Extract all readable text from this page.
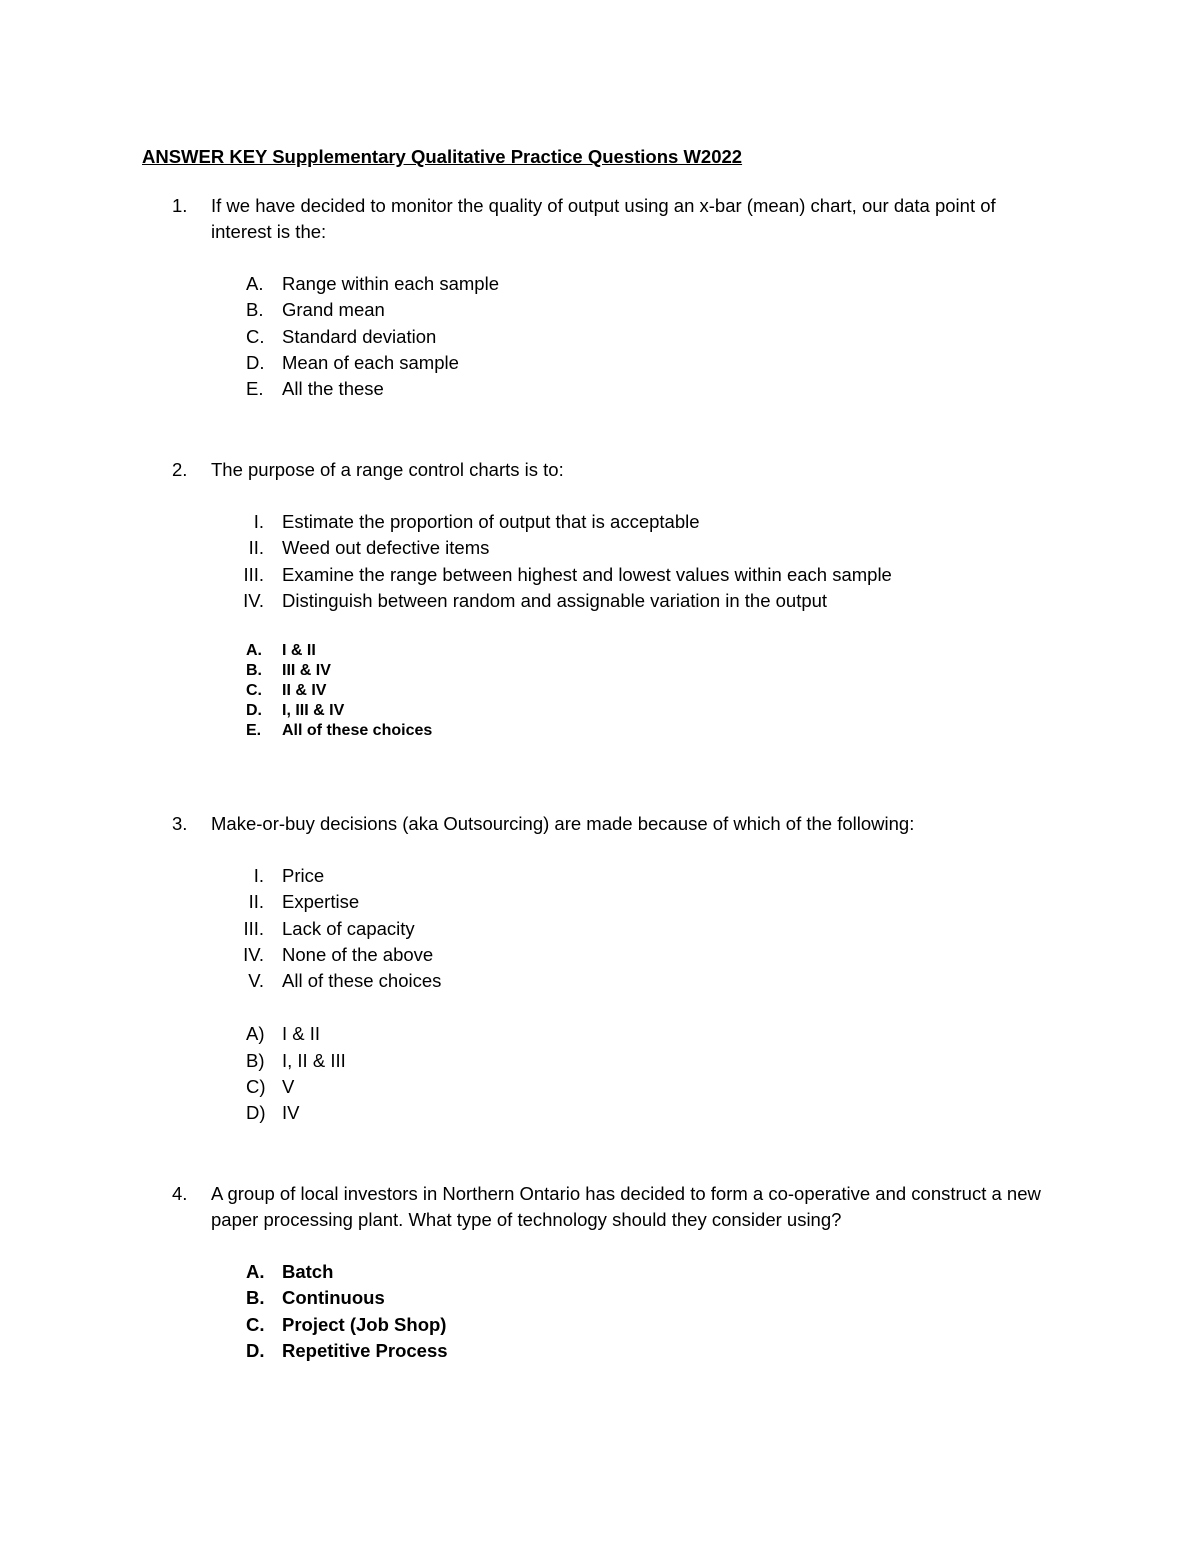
ANSWER KEY Supplementary Qualitative Practice Questions W2022
1. If we have decided to monitor the quality of output using an x-bar (mean) chart, our data point of interest is the:
A. Range within each sample
B. Grand mean
C. Standard deviation
D. Mean of each sample
E. All the these
2. The purpose of a range control charts is to:
I. Estimate the proportion of output that is acceptable
II. Weed out defective items
III. Examine the range between highest and lowest values within each sample
IV. Distinguish between random and assignable variation in the output
A. I & II
B. III & IV
C. II & IV
D. I, III & IV
E. All of these choices
3. Make-or-buy decisions (aka Outsourcing) are made because of which of the following:
I. Price
II. Expertise
III. Lack of capacity
IV. None of the above
V. All of these choices
A) I & II
B) I, II & III
C) V
D) IV
4. A group of local investors in Northern Ontario has decided to form a co-operative and construct a new paper processing plant. What type of technology should they consider using?
A. Batch
B. Continuous
C. Project (Job Shop)
D. Repetitive Process
